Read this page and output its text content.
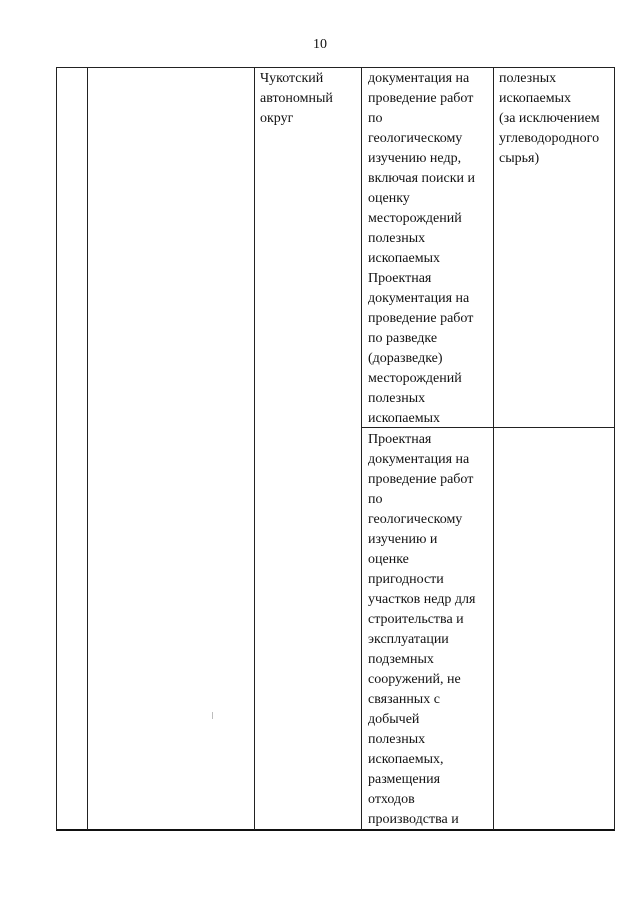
10
Чукотский
автономный
округ
документация на
проведение работ
по
геологическому
изучению недр,
включая поиски и
оценку
месторождений
полезных
ископаемых
Проектная
документация на
проведение работ
по разведке
(доразведке)
месторождений
полезных
ископаемых
полезных
ископаемых
(за исключением
углеводородного
сырья)
Проектная
документация на
проведение работ
по
геологическому
изучению и
оценке
пригодности
участков недр для
строительства и
эксплуатации
подземных
сооружений, не
связанных с
добычей
полезных
ископаемых,
размещения
отходов
производства и
